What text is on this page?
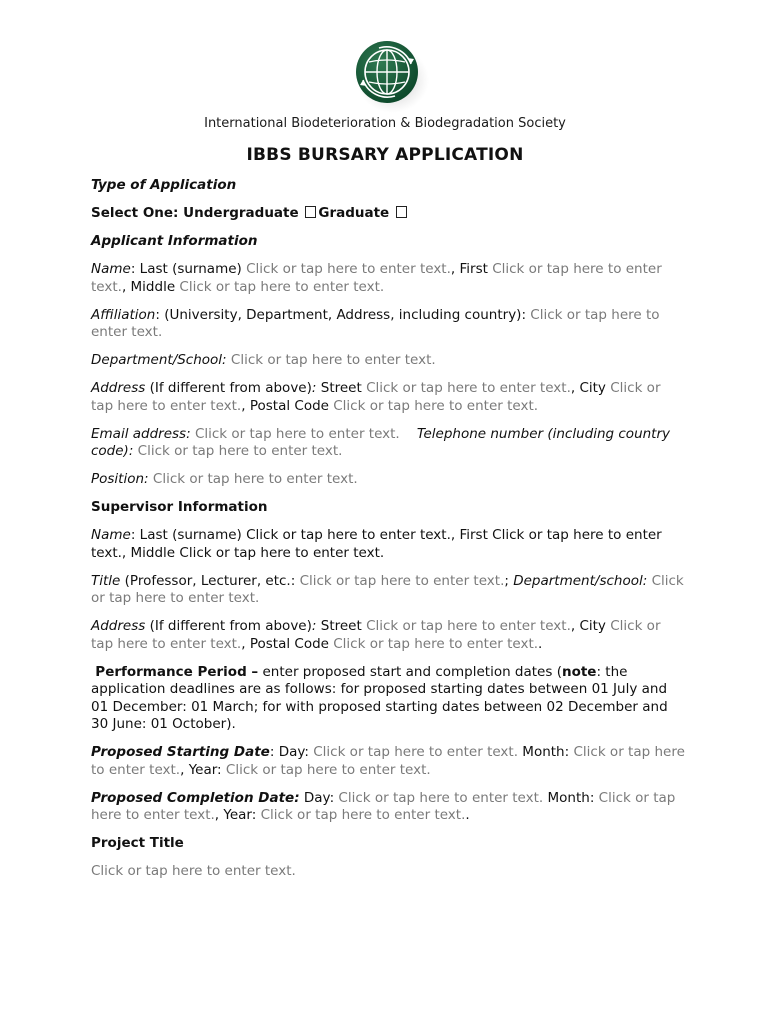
International Biodeterioration & Biodegradation Society
IBBS BURSARY APPLICATION

Type of Application

Select One: Undergraduate Graduate

Applicant Information

Name: Last (surname) Click or tap here to enter text., First Click or tap here to enter text., Middle Click or tap here to enter text.

Affiliation: (University, Department, Address, including country): Click or tap here to enter text.

Department/School: Click or tap here to enter text.

Address (If different from above): Street Click or tap here to enter text., City Click or tap here to enter text., Postal Code Click or tap here to enter text.

Email address: Click or tap here to enter text. Telephone number (including country code): Click or tap here to enter text.

Position: Click or tap here to enter text.

Supervisor Information

Name: Last (surname) Click or tap here to enter text., First Click or tap here to enter text., Middle Click or tap here to enter text.

Title (Professor, Lecturer, etc.: Click or tap here to enter text.; Department/school: Click or tap here to enter text.

Address (If different from above): Street Click or tap here to enter text., City Click or tap here to enter text., Postal Code Click or tap here to enter text..

Performance Period – enter proposed start and completion dates (note: the application deadlines are as follows: for proposed starting dates between 01 July and 01 December: 01 March; for with proposed starting dates between 02 December and 30 June: 01 October).

Proposed Starting Date: Day: Click or tap here to enter text. Month: Click or tap here to enter text., Year: Click or tap here to enter text.

Proposed Completion Date: Day: Click or tap here to enter text. Month: Click or tap here to enter text., Year: Click or tap here to enter text..

Project Title

Click or tap here to enter text.
